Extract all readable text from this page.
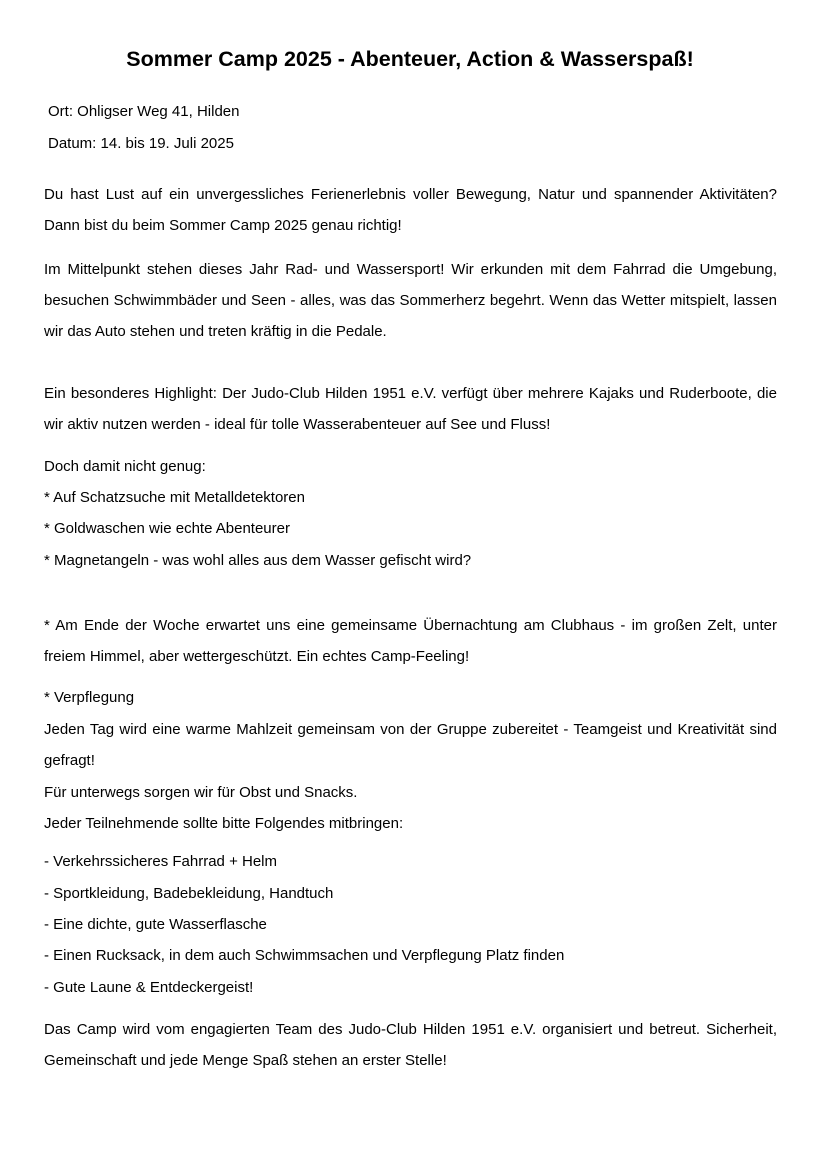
Sommer Camp 2025 - Abenteuer, Action & Wasserspaß!

Ort: Ohligser Weg 41, Hilden

Datum: 14. bis 19. Juli 2025

Du hast Lust auf ein unvergessliches Ferienerlebnis voller Bewegung, Natur und spannender Aktivitäten? Dann bist du beim Sommer Camp 2025 genau richtig!

Im Mittelpunkt stehen dieses Jahr Rad- und Wassersport! Wir erkunden mit dem Fahrrad die Umgebung, besuchen Schwimmbäder und Seen - alles, was das Sommerherz begehrt. Wenn das Wetter mitspielt, lassen wir das Auto stehen und treten kräftig in die Pedale.

Ein besonderes Highlight: Der Judo-Club Hilden 1951 e.V. verfügt über mehrere Kajaks und Ruderboote, die wir aktiv nutzen werden - ideal für tolle Wasserabenteuer auf See und Fluss!

Doch damit nicht genug:

* Auf Schatzsuche mit Metalldetektoren

* Goldwaschen wie echte Abenteurer

* Magnetangeln - was wohl alles aus dem Wasser gefischt wird?

* Am Ende der Woche erwartet uns eine gemeinsame Übernachtung am Clubhaus - im großen Zelt, unter freiem Himmel, aber wettergeschützt. Ein echtes Camp-Feeling!

* Verpflegung

Jeden Tag wird eine warme Mahlzeit gemeinsam von der Gruppe zubereitet - Teamgeist und Kreativität sind gefragt!

Für unterwegs sorgen wir für Obst und Snacks.

Jeder Teilnehmende sollte bitte Folgendes mitbringen:

- Verkehrssicheres Fahrrad + Helm

- Sportkleidung, Badebekleidung, Handtuch

- Eine dichte, gute Wasserflasche

- Einen Rucksack, in dem auch Schwimmsachen und Verpflegung Platz finden

- Gute Laune & Entdeckergeist!

Das Camp wird vom engagierten Team des Judo-Club Hilden 1951 e.V. organisiert und betreut. Sicherheit, Gemeinschaft und jede Menge Spaß stehen an erster Stelle!
